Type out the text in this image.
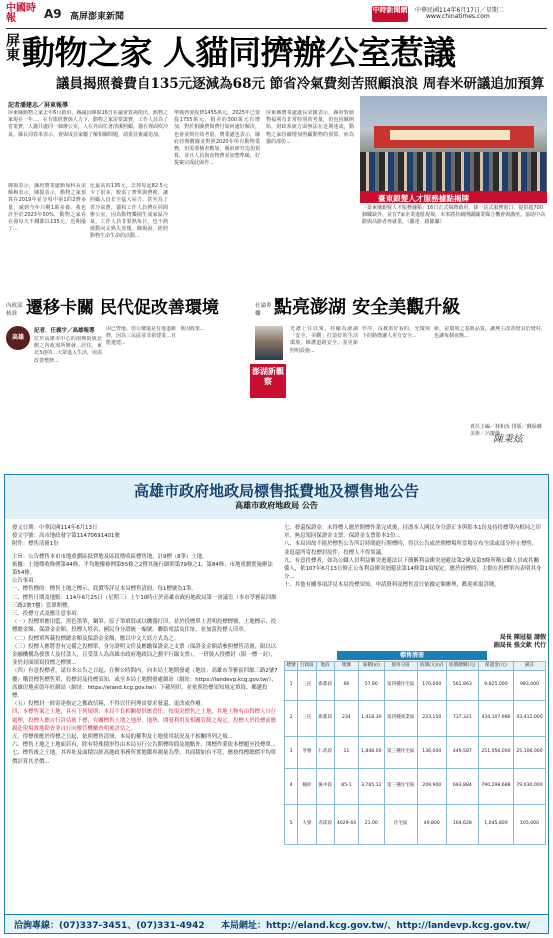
中國時報	A9 高屏澎東新聞
中時新聞網 中華民國114年6月17日／星期二
www.chinatimes.com
屏東 動物之家 人貓同擠辦公室惹議
議員揭照養費自135元逐減為68元 節省冷氣費刻苦照顧浪浪 周春米研議追加預算
記者潘建志／屏東報導
屏東縣動物之家去年6月啟用，縣議員陳揚16日在議會質詢指出，動物之家現在一年...，在有限經費與人力下，動物之家需要籌費，工作人員為了省電費，人貓共處同一個辦公室，人在外面忙著清潔照顧，貓在裡面吹冷氣。縣長周春米表示，會與成員家屬了解相關問題，請委員審議追加。
陳揚表示，縣府農業處動保科長宋佩梅表示，陳揚表示，動物之家預算在2019年並分項中第1的2費多量，減到今年只剩1萬多養，我也計至於2023年50%，動物之家看在發每天不鐵都以135元，近期漲了...
比最高的135元，去掉每起82.5元少了很多，較需了費單與費裡，讓照顧人員非全猛大屋力。甚至為了省冷氣費，貓和工作人員擠在同間辦公室，因為動物樂園生成家區冷氣，工作人員非要熱每日，也不熱緩動向太熟失放幾。陳揚說，經照動物生命生命的活動...
準備列要投費1455萬元。2025年已要投1755萬元，相差的300萬元有增加，對於相關費與費付如何處好解決，也會並到有效考量，農業處也表示，縣府持辦數據並對照2020年所有動物業務，但需要檢查應加，縣府研究追加預算，並且人員與食物費並加整準確，好提案完成此與作...
屏東縣農業處處長宋鎮表示，縣府對動物福利有非常特別的考量，但也因縣開始，財政系統方面無法在近期達成，動物之家持續增加照顧動物的預算，而為貓的部份...
臺東銀髮人才服務據點揭牌
「臺東縣銀髮人才服務據點」16日正式揭牌啟用，採一站式服務窗口，提供超700個職缺外，並有7家企業進駐現場，未來將持續開闢職業媒合機會與講座，協助中高齡與高齡者再就業。（蘿達．路羅攝）
內政部核准 遷移卡關 民代促改善環境
高雄
記者．任義宇／高雄報導
位於高雄市中心的南興街與北側之內政部所開發...居住，東北3巷的...大眾進入生活，亟需改善整修...
由已營運、但公樓還是有違道維修，因為三民區並非新建業...且能遷建...
來因政策...
社論專欄 點亮澎湖 安全美觀升級
澎湖新觀察
光譜上任以來，持續為澎湖「安全、美觀」打造好的生活環境，維護道路安全，並更新照明設施...
作序，沒被墨好看的，光環境下的路燈讓人更有安全...
新，是環境之基與品質，讓無主改善燈具於燈柱，也讓每個夜晚...
責任主編／林和汝 排版／蘇保琳 美術／呂慶薇
陳秉炫
高雄市政府地政局標售抵費地及標售地公告
高雄市政府地政局 公告

發文日期：中華民國114年6月13日

發文字號：高市地政發字第11470691401號

附件：標售清冊1份

主旨：公告標售本市市地重劃區抵費地及區段徵收區標售地，計9標（8筆）土地。

依據：土地徵收條例第44條、平均地權條例第55條之2暨其施行細則第79條之1、第84條、市地重劃實施辦法第54條。

公告事項：

一、標售標的：標售土地之標示、底價等詳見本局標售清冊，每1標號為1筆。

二、標售日期及地點：114年6月25日（星期三）上午10時正於高雄市政府地政局第一會議室（本市苓雅區四維三路2號7樓）當眾開標。

三、投標方式及應注意事項：

（一）投標單應用藍、黑色墨筆，鋼筆、原子筆填寫或以機器打印，並於投標單上書明投標標號、土地標示、投標總金額、保證金金額、投標人姓名、國民身分證統一編號、聯絡電話及住址、並加蓋投標人印章。

（二）投標單所載投標總金額及保證金金額，應以中文大寫方式為之。

（三）投標人應將書有完備之投標單，身分證明文件及應繳保證金之支票（保證金金額請參照標售清冊，限以以金融機構為發票人及付款人，且受款人為高雄市政府地政局之劃平行線支票），一併裝入投標封（限一標一封），並於封面填寫投標之標號...

（四）有意投標者，請自本公告之日起，在辦公時間內，向本局土地開發處（地址：高雄市苓雅區四維三路2號7樓）購買標售標售單，投標封及投標須知，或至本局土地開發處網站（網址：https://landevp.kcg.gov.tw/）、高雄房地產億年旺網站（網址：https://eland.kcg.gov.tw/）下載列印，並依照投標須知規定填寫、郵遞投標。

（五）投標封一經寄達指定之郵政信箱，不得以任何理由要求發還、更改或作廢。

四、本標售案之土地，具有下列規則：本局不負相關提供應責任。按現況標售之土地，其地上物有由得標人自行處理，投標人應自行詳估後下標，有關標售土地之地形、地勢、開發利用及相關管制之規定，投標人於投標前應親赴現場實地勘查並自行向權管機關查明後評估之。

五、得標後應於得標之日起，依照標售清冊、本局的權利及土地使用狀況及不相關所列之規...

六、標售土地之上地面若有，除有特殊積形得由本局另行公告開標時間及地點外，開標作業依本標題至投標單...

七、標售後之土地，其界址及面積以經高地政事務所實地鑑界測量為準，其面積如有不符，應按得標總價平均單價計算其差價...

七、發還保證金：未得標人應於開標作業完成後，持憑本人國民身分證正本與影本1份及持投標單內相同之印章，無息領回保證金支票，保證金支票影本1份...

八、本局因故不能於標售公告所訂時間進行開標時，得以公告或於開標場所當場宣布全部或部分停止標售，並退還所寄投標封原件，投標人不得異議。

九、有意投標者，如為公職人員利益衝突迴避法以下簡稱利益衝突迴避法第2條及第3條所稱公職人員或其關係人，依107年6月13日修正公布利益衝突迴避法第14條第1項規定，應於投標時，主動在投標單內表明其身分...

十、其他有關事項詳見本局投標須知，申請資料及標售當日依據定額辦理，歡迎索取詳閱。

局長 陳冠福 請假
副局長 張文欽 代行
標售清冊
標號	行政區	地段	地號	面積(㎡)	使用分區	底價(元/㎡)	底價總額(元)	保證金(元)	備註
1	三民	新都段	66	57.80	第四種住宅區	170,000	561,863	9,825,000	983,000
2	三民	新都段	234	1,418.30	第四種商業區	223,150	737,321	434,107,980	43,411,000
3	苓雅	仁武段	11	1,848.00	第三種住宅區	136,000	449,587	251,056,000	25,106,000
4	楠梓	後中段	85-1	3,765.12	第三種住宅區	209,900	693,884	790,298,688	79,030,000
5	大寮	赤崁段	4029-44	21.00	住宅區	49,800	164,628	1,045,800	105,000
洽詢專線：(07)337-3451、(07)331-4942 本局網址：http://eland.kcg.gov.tw/、http://landevp.kcg.gov.tw/
